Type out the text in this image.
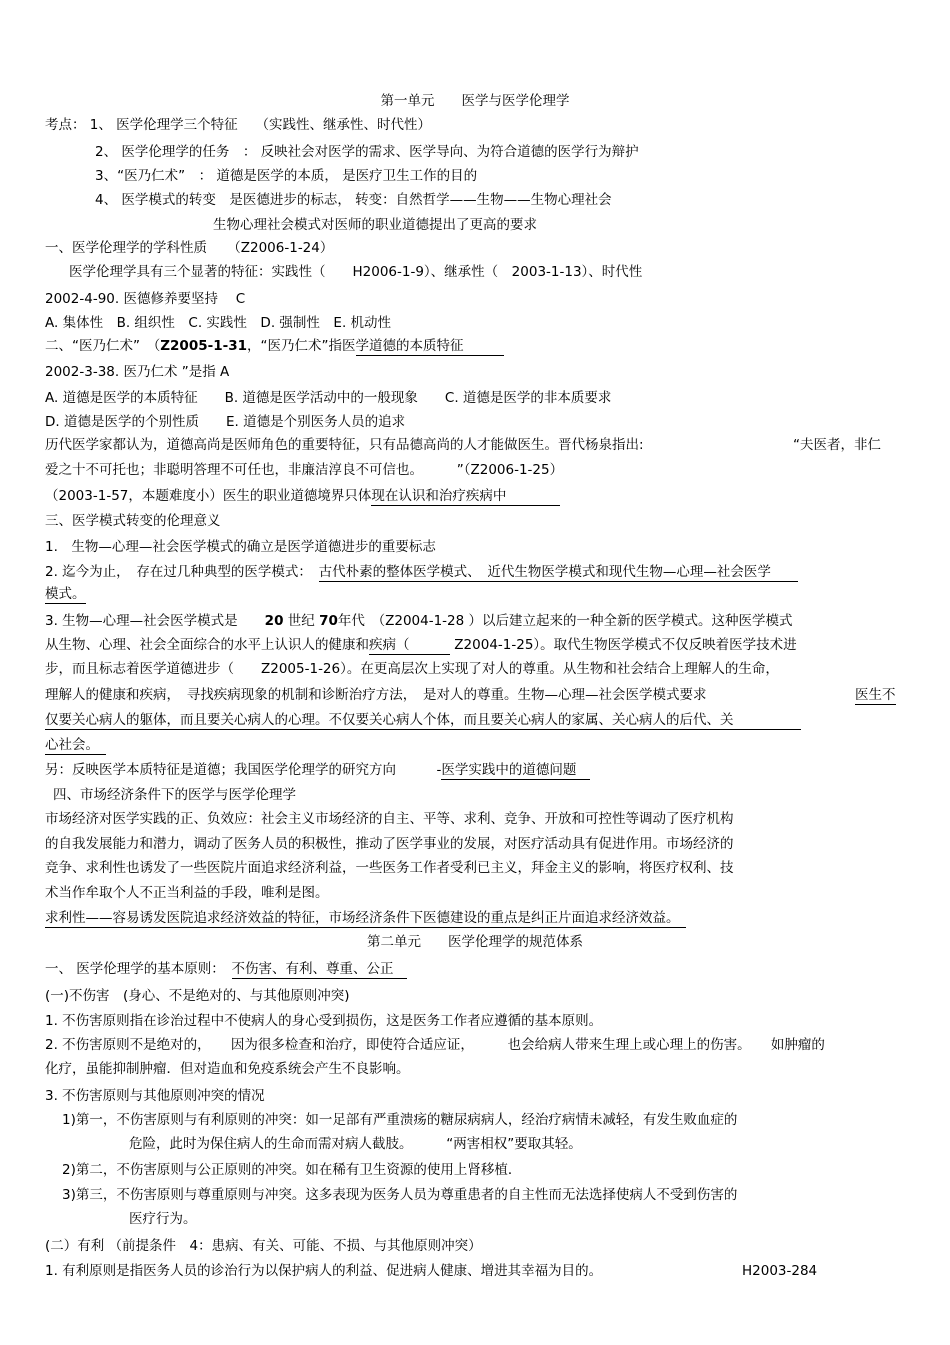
第一单元　　医学与医学伦理学
考点： 1、 医学伦理学三个特征　 （实践性、继承性、时代性）
2、 医学伦理学的任务　： 反映社会对医学的需求、医学导向、为符合道德的医学行为辩护
3、“医乃仁术”　： 道德是医学的本质， 是医疗卫生工作的目的
4、 医学模式的转变　是医德进步的标志， 转变：自然哲学——生物——生物心理社会
生物心理社会模式对医师的职业道德提出了更高的要求
一、医学伦理学的学科性质　　（Z2006-1-24）
医学伦理学具有三个显著的特征：实践性（　　H2006-1-9）、继承性（　2003-1-13）、时代性
2002-4-90. 医德修养要坚持　 C
A. 集体性　B. 组织性　C. 实践性　D. 强制性　E. 机动性
二、“医乃仁术”　（Z2005-1-31，“医乃仁术”指医学道德的本质特征　　　
2002-3-38. 医乃仁术 ”是指 A
A. 道德是医学的本质特征　　B. 道德是医学活动中的一般现象　　C. 道德是医学的非本质要求
D. 道德是医学的个别性质　　E. 道德是个别医务人员的追求
历代医学家都认为，道德高尚是医师角色的重要特征，只有品德高尚的人才能做医生。晋代杨泉指出:	“夫医者，非仁
爱之十不可托也；非聪明答理不可任也，非廉洁淳良不可信也。　　　”（Z2006-1-25）
（2003-1-57，本题难度小）医生的职业道德境界只体现在认识和治疗疾病中　　　　
三、医学模式转变的伦理意义
1.　生物—心理—社会医学模式的确立是医学道德进步的重要标志
2. 迄今为止，　存在过几种典型的医学模式：　古代朴素的整体医学模式、　近代生物医学模式和现代生物—心理—社会医学　　
模式。
3. 生物—心理—社会医学模式是　　20 世纪 70年代　（Z2004-1-28 ）以后建立起来的一种全新的医学模式。这种医学模式
从生物、心理、社会全面综合的水平上认识人的健康和疾病（　　　 Z2004-1-25）。取代生物医学模式不仅反映着医学技术进
步，而且标志着医学道德进步（　　Z2005-1-26）。在更高层次上实现了对人的尊重。从生物和社会结合上理解人的生命，
理解人的健康和疾病，　寻找疾病现象的机制和诊断治疗方法，　是对人的尊重。生物—心理—社会医学模式要求	医生不
仅要关心病人的躯体，而且要关心病人的心理。不仅要关心病人个体，而且要关心病人的家属、关心病人的后代、关　　　　　
心社会。　
另：反映医学本质特征是道德；我国医学伦理学的研究方向　　　-医学实践中的道德问题　
四、市场经济条件下的医学与医学伦理学
市场经济对医学实践的正、负效应：社会主义市场经济的自主、平等、求利、竞争、开放和可控性等调动了医疗机构
的自我发展能力和潜力，调动了医务人员的积极性，推动了医学事业的发展，对医疗活动具有促进作用。市场经济的
竞争、求利性也诱发了一些医院片面追求经济利益，一些医务工作者受利已主义，拜金主义的影响，将医疗权利、技
术当作牟取个人不正当利益的手段，唯利是图。
求利性——容易诱发医院追求经济效益的特征，市场经济条件下医德建设的重点是纠正片面追求经济效益。　
第二单元　　医学伦理学的规范体系
一、 医学伦理学的基本原则：　不伤害、有利、尊重、公正　
(一)不伤害　(身心、不是绝对的、与其他原则冲突)
1. 不伤害原则指在诊治过程中不使病人的身心受到损伤，这是医务工作者应遵循的基本原则。
2. 不伤害原则不是绝对的，　　因为很多检查和治疗，即使符合适应证，　　　也会给病人带来生理上或心理上的伤害。　　如肿瘤的
化疗，虽能抑制肿瘤．但对造血和免疫系统会产生不良影响。
3. 不伤害原则与其他原则冲突的情况
1)第一，不伤害原则与有利原则的冲突：如一足部有严重溃疡的糖尿病病人，经治疗病情未减轻，有发生败血症的
危险，此时为保住病人的生命而需对病人截肢。　　　“两害相权”要取其轻。
2)第二，不伤害原则与公正原则的冲突。如在稀有卫生资源的使用上肾移植．
3)第三，不伤害原则与尊重原则与冲突。这多表现为医务人员为尊重患者的自主性而无法选择使病人不受到伤害的
医疗行为。
(二）有利 （前提条件　4：患病、有关、可能、不损、与其他原则冲突）
1. 有利原则是指医务人员的诊治行为以保护病人的利益、促进病人健康、增进其幸福为目的。	H2003-284
